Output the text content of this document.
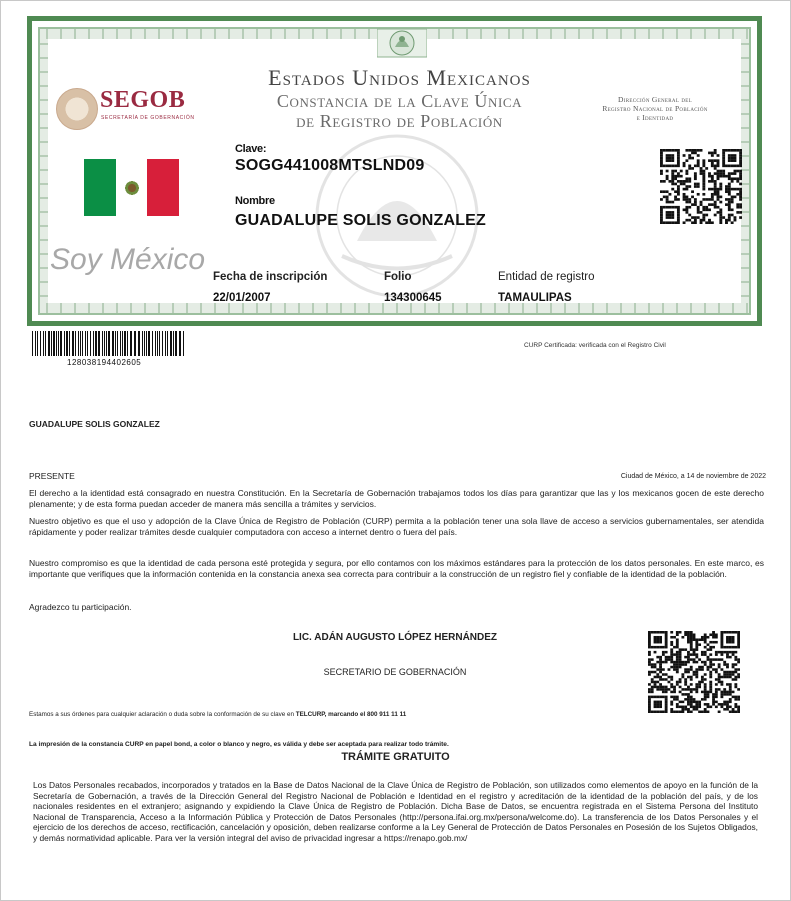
Estados Unidos Mexicanos
Constancia de la Clave Única
de Registro de Población
SEGOB
SECRETARÍA DE GOBERNACIÓN
Dirección General del
Registro Nacional de Población
e Identidad
Soy México
Clave:
SOGG441008MTSLND09
Nombre
GUADALUPE SOLIS GONZALEZ
Fecha de inscripción
22/01/2007
Folio
134300645
Entidad de registro
TAMAULIPAS
128038194402605
CURP Certificada: verificada con el Registro Civil
GUADALUPE SOLIS GONZALEZ
PRESENTE	Ciudad de México, a 14 de noviembre de 2022
El derecho a la identidad está consagrado en nuestra Constitución. En la Secretaría de Gobernación trabajamos todos los días para garantizar que las y los mexicanos gocen de este derecho plenamente; y de esta forma puedan acceder de manera más sencilla a trámites y servicios.
Nuestro objetivo es que el uso y adopción de la Clave Única de Registro de Población (CURP) permita a la población tener una sola llave de acceso a servicios gubernamentales, ser atendida rápidamente y poder realizar trámites desde cualquier computadora con acceso a internet dentro o fuera del país.
Nuestro compromiso es que la identidad de cada persona esté protegida y segura, por ello contamos con los máximos estándares para la protección de los datos personales. En este marco, es importante que verifiques que la información contenida en la constancia anexa sea correcta para contribuir a la construcción de un registro fiel y confiable de la identidad de la población.
Agradezco tu participación.
LIC. ADÁN AUGUSTO LÓPEZ HERNÁNDEZ
SECRETARIO DE GOBERNACIÓN
Estamos a sus órdenes para cualquier aclaración o duda sobre la conformación de su clave en TELCURP, marcando el 800 911 11 11
La impresión de la constancia CURP en papel bond, a color o blanco y negro, es válida y debe ser aceptada para realizar todo trámite.
TRÁMITE GRATUITO
Los Datos Personales recabados, incorporados y tratados en la Base de Datos Nacional de la Clave Única de Registro de Población, son utilizados como elementos de apoyo en la función de la Secretaría de Gobernación, a través de la Dirección General del Registro Nacional de Población e Identidad en el registro y acreditación de la identidad de la población del país, y de los nacionales residentes en el extranjero; asignando y expidiendo la Clave Única de Registro de Población. Dicha Base de Datos, se encuentra registrada en el Sistema Persona del Instituto Nacional de Transparencia, Acceso a la Información Pública y Protección de Datos Personales (http://persona.ifai.org.mx/persona/welcome.do). La transferencia de los Datos Personales y el ejercicio de los derechos de acceso, rectificación, cancelación y oposición, deben realizarse conforme a la Ley General de Protección de Datos Personales en Posesión de los Sujetos Obligados, y demás normatividad aplicable. Para ver la versión integral del aviso de privacidad ingresar a https://renapo.gob.mx/
